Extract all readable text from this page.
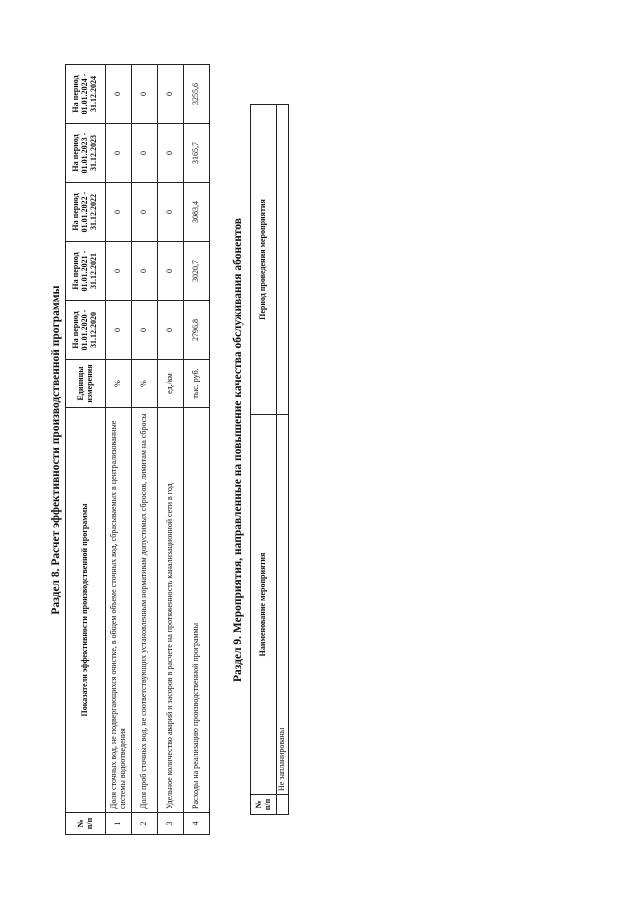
Раздел 8. Расчет эффективности производственной программы
№ п/п	Показатели эффективности производственной программы	Единицы измерения	На период 01.01.2020 - 31.12.2020	На период 01.01.2021 - 31.12.2021	На период 01.01.2022 - 31.12.2022	На период 01.01.2023 - 31.12.2023	На период 01.01.2024 - 31.12.2024
1	Доля сточных вод, не подвергающихся очистке, в общем объеме сточных вод, сбрасываемых в централизованные системы водоотведения	%	0	0	0	0	0
2	Доля проб сточных вод, не соответствующих установленным нормативам допустимых сбросов, лимитам на сбросы	%	0	0	0	0	0
3	Удельное количество аварий и засоров в расчете на протяженность канализационной сети в год	ед./км	0	0	0	0	0
4	Расходы на реализацию производственной программы	тыс. руб.	2796,8	3020,7	3083,4	3165,7	3255,6
Раздел 9. Мероприятия, направленные на повышение качества обслуживания абонентов
№ п/п	Наименование мероприятия	Период проведения мероприятия
	Не запланированы	
